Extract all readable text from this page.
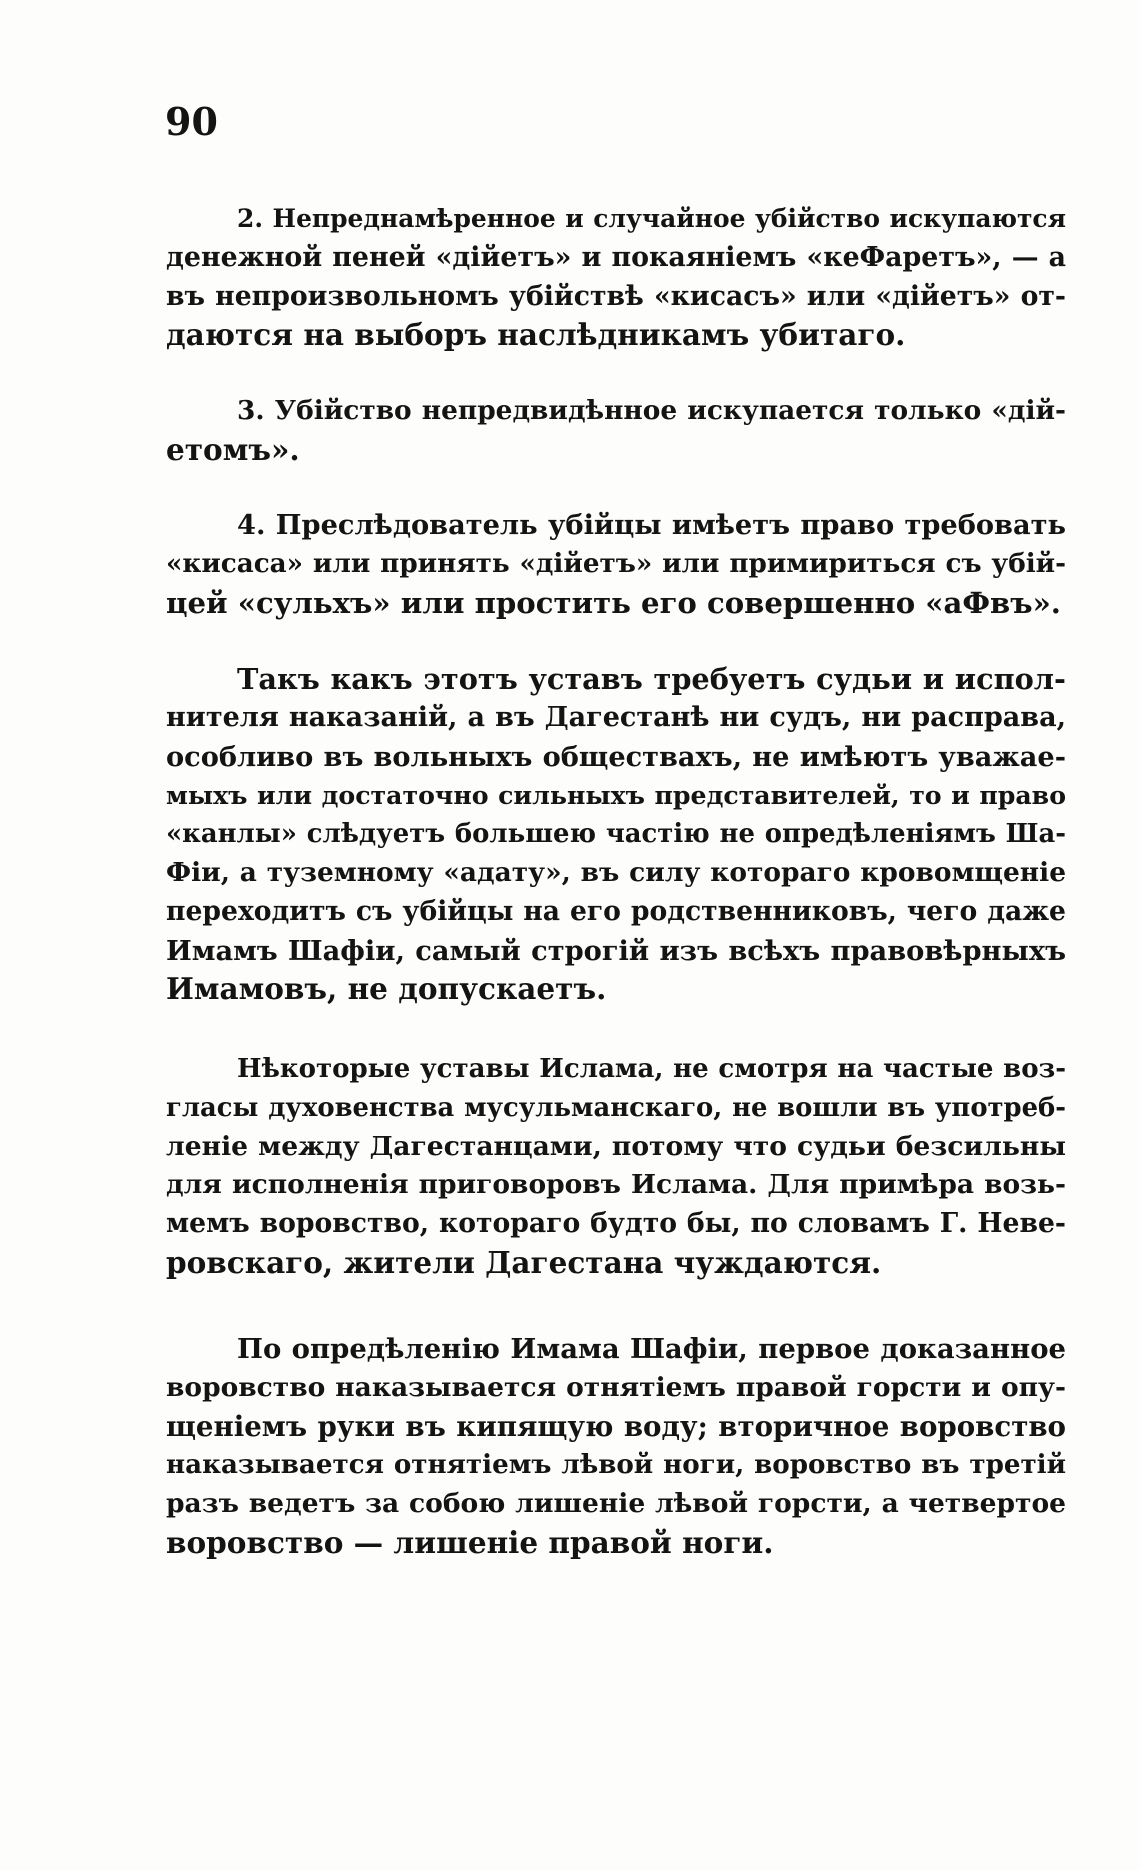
90
2. Непреднамѣренное и случайное убійство искупаются
денежной пеней «дійетъ» и покаяніемъ «кеФаретъ», — а
въ непроизвольномъ убійствѣ «кисасъ» или «дійетъ» от-
даются на выборъ наслѣдникамъ убитаго.
3. Убійство непредвидѣнное искупается только «дій-
етомъ».
4. Преслѣдователь убійцы имѣетъ право требовать
«кисаса» или принять «дійетъ» или примириться съ убій-
цей «сульхъ» или простить его совершенно «аФвъ».
Такъ какъ этотъ уставъ требуетъ судьи и испол-
нителя наказаній, а въ Дагестанѣ ни судъ, ни расправа,
особливо въ вольныхъ обществахъ, не имѣютъ уважае-
мыхъ или достаточно сильныхъ представителей, то и право
«канлы» слѣдуетъ большею частію не опредѣленіямъ Ша-
Фіи, а туземному «адату», въ силу котораго кровомщеніе
переходитъ съ убійцы на его родственниковъ, чего даже
Имамъ Шафіи, самый строгій изъ всѣхъ правовѣрныхъ
Имамовъ, не допускаетъ.
Нѣкоторые уставы Ислама, не смотря на частые воз-
гласы духовенства мусульманскаго, не вошли въ употреб-
леніе между Дагестанцами, потому что судьи безсильны
для исполненія приговоровъ Ислама. Для примѣра возь-
мемъ воровство, котораго будто бы, по словамъ Г. Неве-
ровскаго, жители Дагестана чуждаются.
По опредѣленію Имама Шафіи, первое доказанное
воровство наказывается отнятіемъ правой горсти и опу-
щеніемъ руки въ кипящую воду; вторичное воровство
наказывается отнятіемъ лѣвой ноги, воровство въ третій
разъ ведетъ за собою лишеніе лѣвой горсти, а четвертое
воровство — лишеніе правой ноги.
